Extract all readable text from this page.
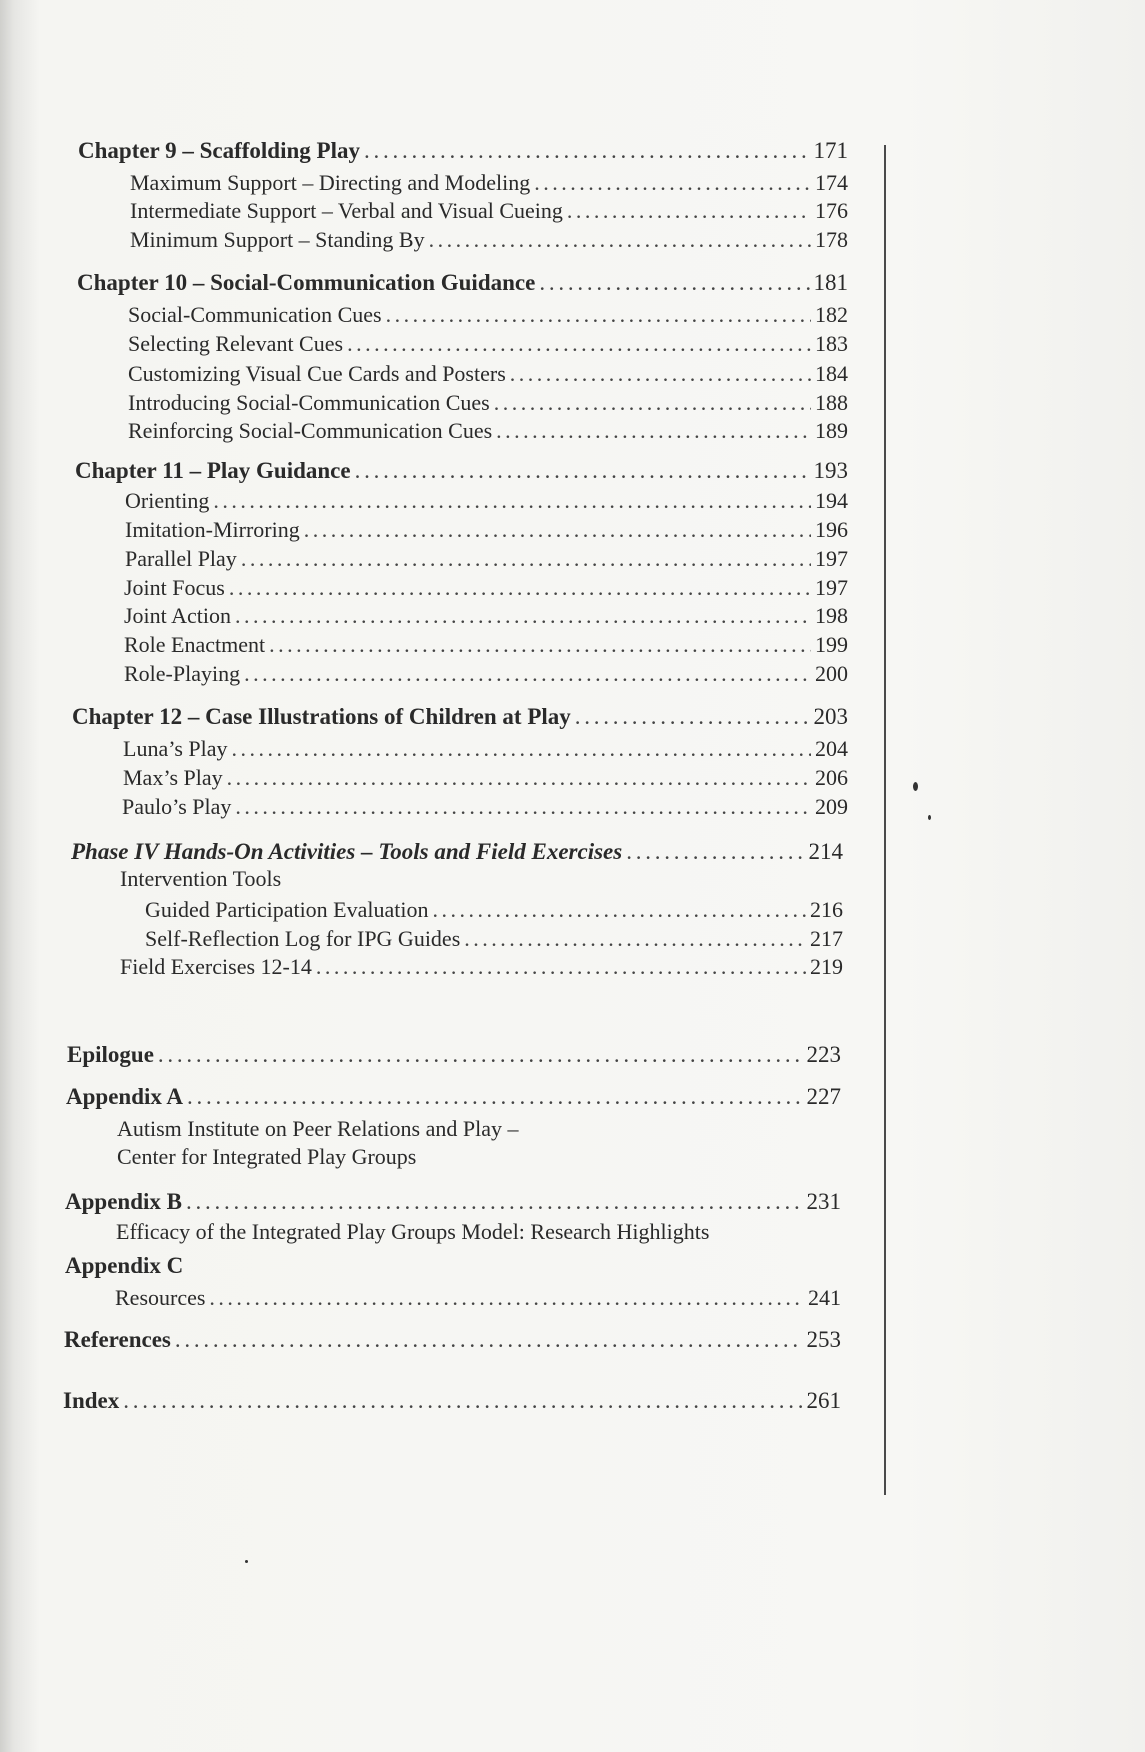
Chapter 9 – Scaffolding Play . . .	171
Maximum Support – Directing and Modeling . . .	174
Intermediate Support – Verbal and Visual Cueing . . .	176
Minimum Support – Standing By . . .	178
Chapter 10 – Social-Communication Guidance . . .	181
Social-Communication Cues . . .	182
Selecting Relevant Cues . . .	183
Customizing Visual Cue Cards and Posters . . .	184
Introducing Social-Communication Cues . . .	188
Reinforcing Social-Communication Cues . . .	189
Chapter 11 – Play Guidance . . .	193
Orienting . . .	194
Imitation-Mirroring . . .	196
Parallel Play . . .	197
Joint Focus . . .	197
Joint Action . . .	198
Role Enactment . . .	199
Role-Playing . . .	200
Chapter 12 – Case Illustrations of Children at Play . . .	203
Luna’s Play . . .	204
Max’s Play . . .	206
Paulo’s Play . . .	209
Phase IV Hands-On Activities – Tools and Field Exercises . . .	214
Intervention Tools
Guided Participation Evaluation . . .	216
Self-Reflection Log for IPG Guides . . .	217
Field Exercises 12-14 . . .	219
Epilogue . . .	223
Appendix A . . .	227
Autism Institute on Peer Relations and Play –
Center for Integrated Play Groups
Appendix B . . .	231
Efficacy of the Integrated Play Groups Model: Research Highlights
Appendix C
Resources . . .	241
References . . .	253
Index . . .	261
